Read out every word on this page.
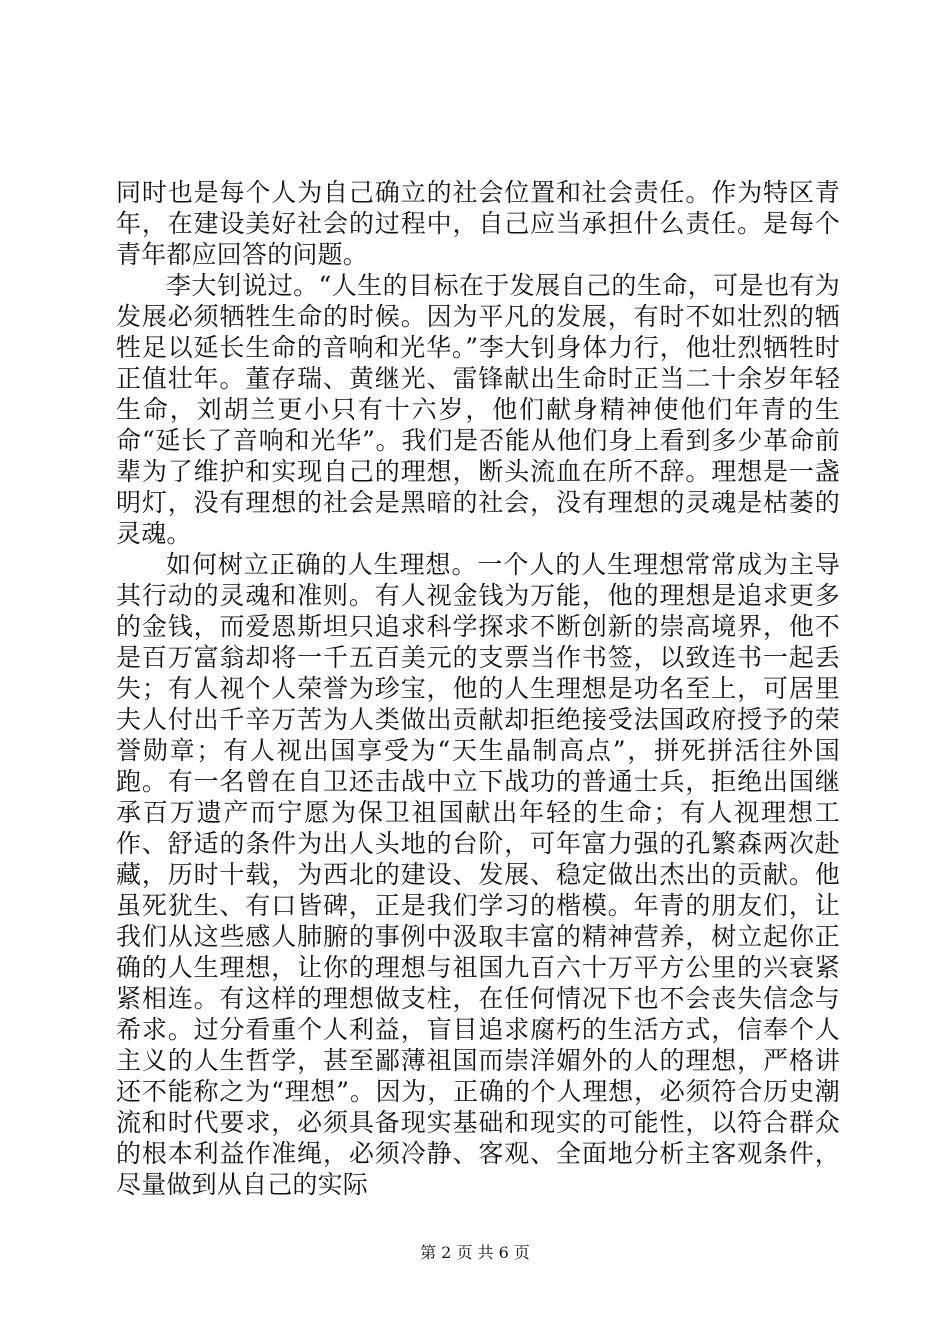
同时也是每个人为自己确立的社会位置和社会责任。作为特区青年，在建设美好社会的过程中，自己应当承担什么责任。是每个青年都应回答的问题。

李大钊说过。“人生的目标在于发展自己的生命，可是也有为发展必须牺牲生命的时候。因为平凡的发展，有时不如壮烈的牺牲足以延长生命的音响和光华。”李大钊身体力行，他壮烈牺牲时正值壮年。董存瑞、黄继光、雷锋献出生命时正当二十余岁年轻生命，刘胡兰更小只有十六岁，他们献身精神使他们年青的生命“延长了音响和光华”。我们是否能从他们身上看到多少革命前辈为了维护和实现自己的理想，断头流血在所不辞。理想是一盏明灯，没有理想的社会是黑暗的社会，没有理想的灵魂是枯萎的灵魂。

如何树立正确的人生理想。一个人的人生理想常常成为主导其行动的灵魂和准则。有人视金钱为万能，他的理想是追求更多的金钱，而爱恩斯坦只追求科学探求不断创新的崇高境界，他不是百万富翁却将一千五百美元的支票当作书签，以致连书一起丢失；有人视个人荣誉为珍宝，他的人生理想是功名至上，可居里夫人付出千辛万苦为人类做出贡献却拒绝接受法国政府授予的荣誉勋章；有人视出国享受为“天生晶制高点”，拼死拼活往外国跑。有一名曾在自卫还击战中立下战功的普通士兵，拒绝出国继承百万遗产而宁愿为保卫祖国献出年轻的生命；有人视理想工作、舒适的条件为出人头地的台阶，可年富力强的孔繁森两次赴藏，历时十载，为西北的建设、发展、稳定做出杰出的贡献。他虽死犹生、有口皆碑，正是我们学习的楷模。年青的朋友们，让我们从这些感人肺腑的事例中汲取丰富的精神营养，树立起你正确的人生理想，让你的理想与祖国九百六十万平方公里的兴衰紧紧相连。有这样的理想做支柱，在任何情况下也不会丧失信念与希求。过分看重个人利益，盲目追求腐朽的生活方式，信奉个人主义的人生哲学，甚至鄙薄祖国而崇洋媚外的人的理想，严格讲还不能称之为“理想”。因为，正确的个人理想，必须符合历史潮流和时代要求，必须具备现实基础和现实的可能性，以符合群众的根本利益作准绳，必须冷静、客观、全面地分析主客观条件，尽量做到从自己的实际

第 2 页 共 6 页
